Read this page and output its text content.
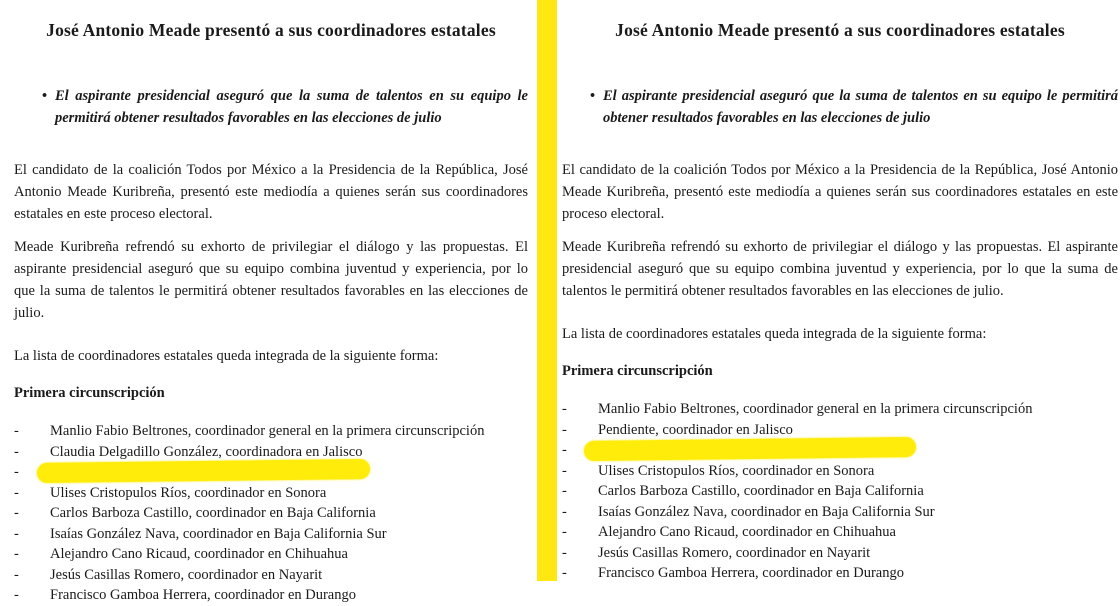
José Antonio Meade presentó a sus coordinadores estatales
• El aspirante presidencial aseguró que la suma de talentos en su equipo le permitirá obtener resultados favorables en las elecciones de julio

El candidato de la coalición Todos por México a la Presidencia de la República, José Antonio Meade Kuribreña, presentó este mediodía a quienes serán sus coordinadores estatales en este proceso electoral.

Meade Kuribreña refrendó su exhorto de privilegiar el diálogo y las propuestas. El aspirante presidencial aseguró que su equipo combina juventud y experiencia, por lo que la suma de talentos le permitirá obtener resultados favorables en las elecciones de julio.

La lista de coordinadores estatales queda integrada de la siguiente forma:
Primera circunscripción
-	Manlio Fabio Beltrones, coordinador general en la primera circunscripción
-	Claudia Delgadillo González, coordinadora en Jalisco
-
-	Ulises Cristopulos Ríos, coordinador en Sonora
-	Carlos Barboza Castillo, coordinador en Baja California
-	Isaías González Nava, coordinador en Baja California Sur
-	Alejandro Cano Ricaud, coordinador en Chihuahua
-	Jesús Casillas Romero, coordinador en Nayarit
-	Francisco Gamboa Herrera, coordinador en Durango
José Antonio Meade presentó a sus coordinadores estatales
• El aspirante presidencial aseguró que la suma de talentos en su equipo le permitirá obtener resultados favorables en las elecciones de julio

El candidato de la coalición Todos por México a la Presidencia de la República, José Antonio Meade Kuribreña, presentó este mediodía a quienes serán sus coordinadores estatales en este proceso electoral.

Meade Kuribreña refrendó su exhorto de privilegiar el diálogo y las propuestas. El aspirante presidencial aseguró que su equipo combina juventud y experiencia, por lo que la suma de talentos le permitirá obtener resultados favorables en las elecciones de julio.

La lista de coordinadores estatales queda integrada de la siguiente forma:
Primera circunscripción
-	Manlio Fabio Beltrones, coordinador general en la primera circunscripción
-	Pendiente, coordinador en Jalisco
-
-	Ulises Cristopulos Ríos, coordinador en Sonora
-	Carlos Barboza Castillo, coordinador en Baja California
-	Isaías González Nava, coordinador en Baja California Sur
-	Alejandro Cano Ricaud, coordinador en Chihuahua
-	Jesús Casillas Romero, coordinador en Nayarit
-	Francisco Gamboa Herrera, coordinador en Durango
